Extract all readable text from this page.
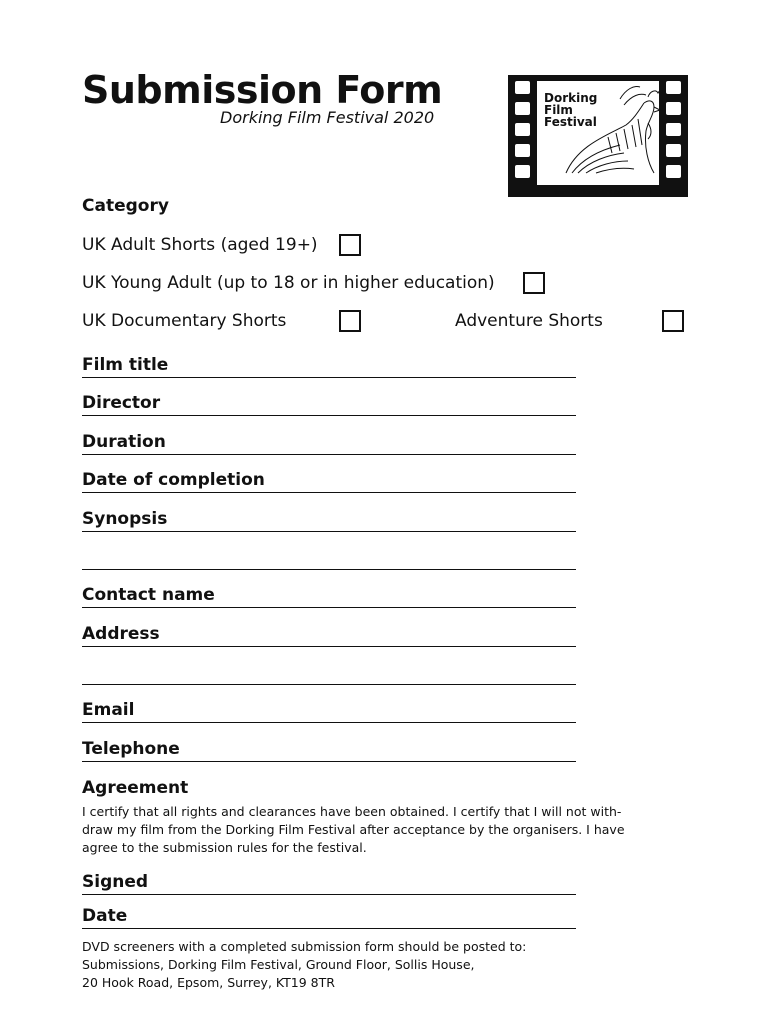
Submission Form
Dorking Film Festival 2020
Dorking
Film
Festival
www.DorkingFilmFestival.com
Category
UK Adult Shorts (aged 19+)
UK Young Adult (up to 18 or in higher education)
UK Documentary Shorts	Adventure Shorts
Film title
Director
Duration
Date of completion
Synopsis
Contact name
Address
Email
Telephone
Agreement

I certify that all rights and clearances have been obtained. I certify that I will not with-

draw my film from the Dorking Film Festival after acceptance by the organisers. I have

agree to the submission rules for the festival.

Signed
Date

DVD screeners with a completed submission form should be posted to:

Submissions, Dorking Film Festival, Ground Floor, Sollis House,

20 Hook Road, Epsom, Surrey, KT19 8TR
